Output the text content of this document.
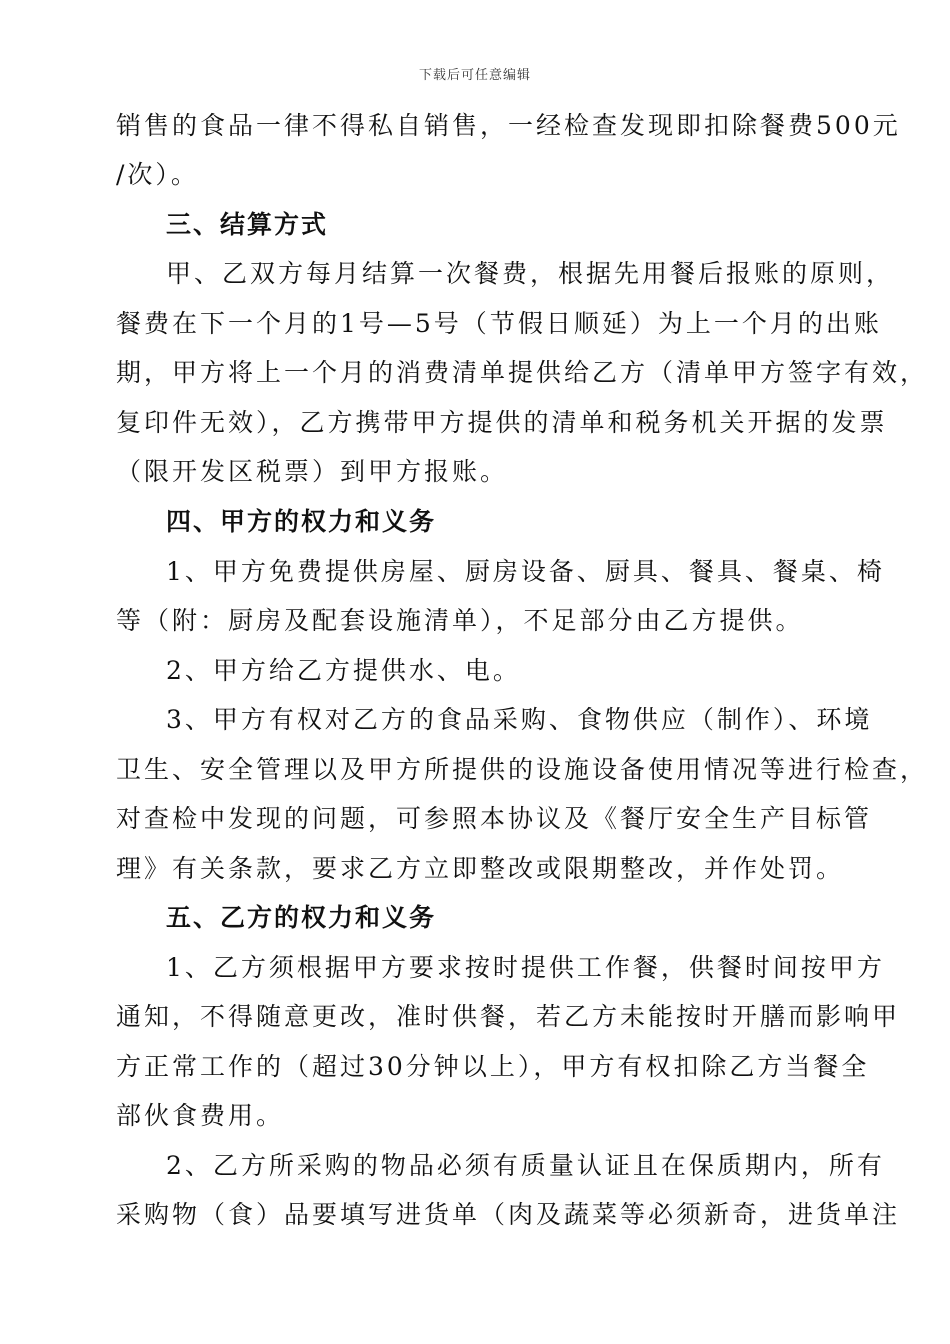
下载后可任意编辑
销售的食品一律不得私自销售，一经检查发现即扣除餐费500元
/次）。
三、结算方式
甲、乙双方每月结算一次餐费，根据先用餐后报账的原则，
餐费在下一个月的1号—5号（节假日顺延）为上一个月的出账
期，甲方将上一个月的消费清单提供给乙方（清单甲方签字有效，
复印件无效），乙方携带甲方提供的清单和税务机关开据的发票
（限开发区税票）到甲方报账。
四、甲方的权力和义务
1、甲方免费提供房屋、厨房设备、厨具、餐具、餐桌、椅
等（附：厨房及配套设施清单），不足部分由乙方提供。
2、甲方给乙方提供水、电。
3、甲方有权对乙方的食品采购、食物供应（制作）、环境
卫生、安全管理以及甲方所提供的设施设备使用情况等进行检查，
对查检中发现的问题，可参照本协议及《餐厅安全生产目标管
理》有关条款，要求乙方立即整改或限期整改，并作处罚。
五、乙方的权力和义务
1、乙方须根据甲方要求按时提供工作餐，供餐时间按甲方
通知，不得随意更改，准时供餐，若乙方未能按时开膳而影响甲
方正常工作的（超过30分钟以上），甲方有权扣除乙方当餐全
部伙食费用。
2、乙方所采购的物品必须有质量认证且在保质期内，所有
采购物（食）品要填写进货单（肉及蔬菜等必须新奇，进货单注
